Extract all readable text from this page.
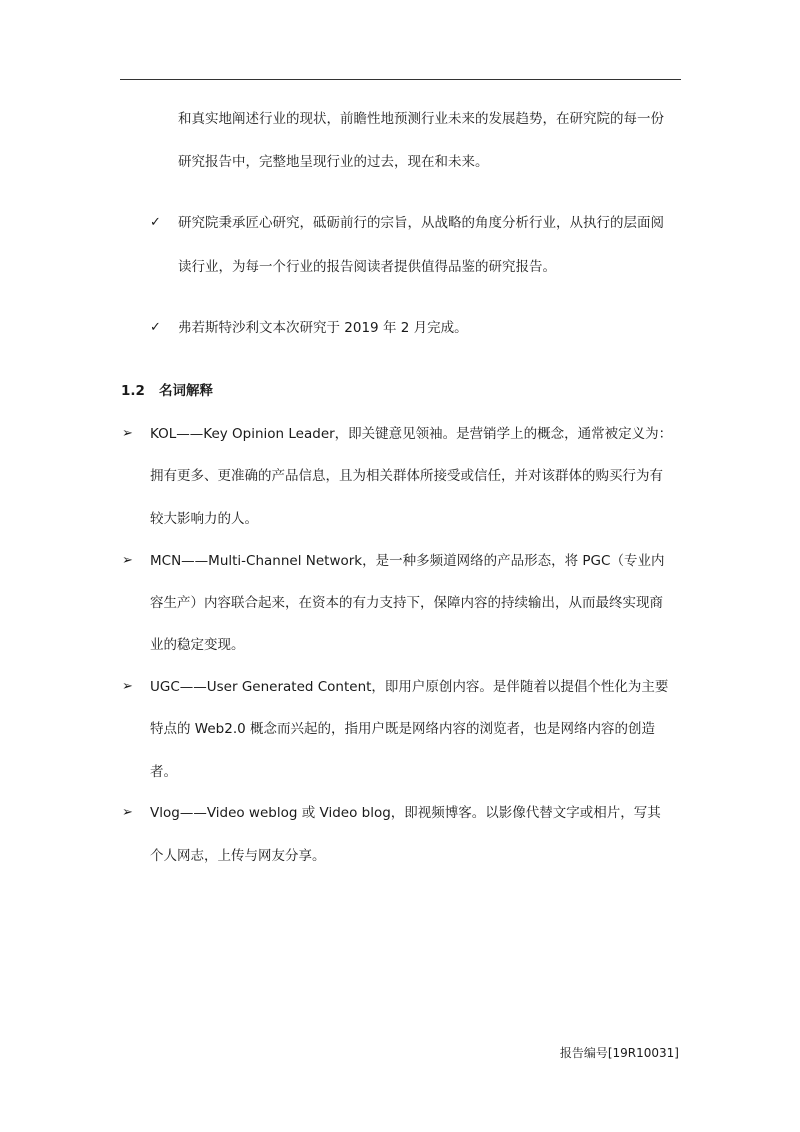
和真实地阐述行业的现状，前瞻性地预测行业未来的发展趋势，在研究院的每一份
研究报告中，完整地呈现行业的过去，现在和未来。
✓ 研究院秉承匠心研究，砥砺前行的宗旨，从战略的角度分析行业，从执行的层面阅
读行业，为每一个行业的报告阅读者提供值得品鉴的研究报告。
✓ 弗若斯特沙利文本次研究于 2019 年 2 月完成。
1.2 名词解释
➢ KOL——Key Opinion Leader，即关键意见领袖。是营销学上的概念，通常被定义为：
拥有更多、更准确的产品信息，且为相关群体所接受或信任，并对该群体的购买行为有
较大影响力的人。
➢ MCN——Multi-Channel Network，是一种多频道网络的产品形态，将 PGC（专业内
容生产）内容联合起来，在资本的有力支持下，保障内容的持续输出，从而最终实现商
业的稳定变现。
➢ UGC——User Generated Content，即用户原创内容。是伴随着以提倡个性化为主要
特点的 Web2.0 概念而兴起的，指用户既是网络内容的浏览者，也是网络内容的创造
者。
➢ Vlog——Video weblog 或 Video blog，即视频博客。以影像代替文字或相片，写其
个人网志，上传与网友分享。
报告编号[19R10031]
